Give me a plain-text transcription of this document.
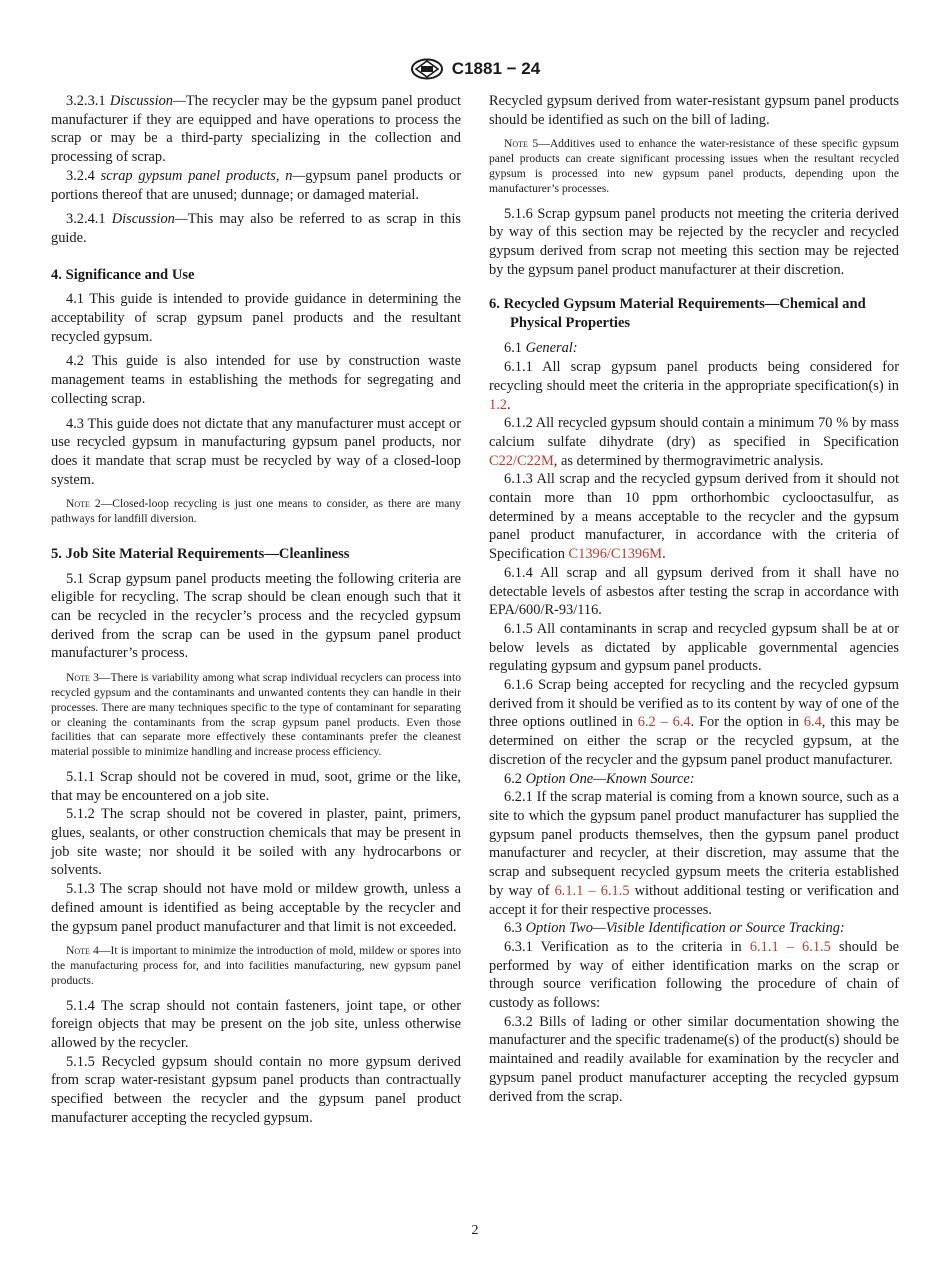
C1881 − 24

3.2.3.1 Discussion—The recycler may be the gypsum panel product manufacturer if they are equipped and have operations to process the scrap or may be a third-party specializing in the collection and processing of scrap.

3.2.4 scrap gypsum panel products, n—gypsum panel products or portions thereof that are unused; dunnage; or damaged material.

3.2.4.1 Discussion—This may also be referred to as scrap in this guide.

4. Significance and Use

4.1 This guide is intended to provide guidance in determining the acceptability of scrap gypsum panel products and the resultant recycled gypsum.

4.2 This guide is also intended for use by construction waste management teams in establishing the methods for segregating and collecting scrap.

4.3 This guide does not dictate that any manufacturer must accept or use recycled gypsum in manufacturing gypsum panel products, nor does it mandate that scrap must be recycled by way of a closed-loop system.

Note 2—Closed-loop recycling is just one means to consider, as there are many pathways for landfill diversion.

5. Job Site Material Requirements—Cleanliness

5.1 Scrap gypsum panel products meeting the following criteria are eligible for recycling. The scrap should be clean enough such that it can be recycled in the recycler’s process and the recycled gypsum derived from the scrap can be used in the gypsum panel product manufacturer’s process.

Note 3—There is variability among what scrap individual recyclers can process into recycled gypsum and the contaminants and unwanted contents they can handle in their processes. There are many techniques specific to the type of contaminant for separating or cleaning the contaminants from the scrap gypsum panel products. Even those facilities that can separate more effectively these contaminants prefer the cleanest material possible to minimize handling and increase process efficiency.

5.1.1 Scrap should not be covered in mud, soot, grime or the like, that may be encountered on a job site.

5.1.2 The scrap should not be covered in plaster, paint, primers, glues, sealants, or other construction chemicals that may be present in job site waste; nor should it be soiled with any hydrocarbons or solvents.

5.1.3 The scrap should not have mold or mildew growth, unless a defined amount is identified as being acceptable by the recycler and the gypsum panel product manufacturer and that limit is not exceeded.

Note 4—It is important to minimize the introduction of mold, mildew or spores into the manufacturing process for, and into facilities manufacturing, new gypsum panel products.

5.1.4 The scrap should not contain fasteners, joint tape, or other foreign objects that may be present on the job site, unless otherwise allowed by the recycler.

5.1.5 Recycled gypsum should contain no more gypsum derived from scrap water-resistant gypsum panel products than contractually specified between the recycler and the gypsum panel product manufacturer accepting the recycled gypsum.

Recycled gypsum derived from water-resistant gypsum panel products should be identified as such on the bill of lading.

Note 5—Additives used to enhance the water-resistance of these specific gypsum panel products can create significant processing issues when the resultant recycled gypsum is processed into new gypsum panel products, depending upon the manufacturer’s processes.

5.1.6 Scrap gypsum panel products not meeting the criteria derived by way of this section may be rejected by the recycler and recycled gypsum derived from scrap not meeting this section may be rejected by the gypsum panel product manufacturer at their discretion.

6. Recycled Gypsum Material Requirements—Chemical and Physical Properties

6.1 General:

6.1.1 All scrap gypsum panel products being considered for recycling should meet the criteria in the appropriate specification(s) in 1.2.

6.1.2 All recycled gypsum should contain a minimum 70 % by mass calcium sulfate dihydrate (dry) as specified in Specification C22/C22M, as determined by thermogravimetric analysis.

6.1.3 All scrap and the recycled gypsum derived from it should not contain more than 10 ppm orthorhombic cyclooctasulfur, as determined by a means acceptable to the recycler and the gypsum panel product manufacturer, in accordance with the criteria of Specification C1396/C1396M.

6.1.4 All scrap and all gypsum derived from it shall have no detectable levels of asbestos after testing the scrap in accordance with EPA/600/R-93/116.

6.1.5 All contaminants in scrap and recycled gypsum shall be at or below levels as dictated by applicable governmental agencies regulating gypsum and gypsum panel products.

6.1.6 Scrap being accepted for recycling and the recycled gypsum derived from it should be verified as to its content by way of one of the three options outlined in 6.2 – 6.4. For the option in 6.4, this may be determined on either the scrap or the recycled gypsum, at the discretion of the recycler and the gypsum panel product manufacturer.

6.2 Option One—Known Source:

6.2.1 If the scrap material is coming from a known source, such as a site to which the gypsum panel product manufacturer has supplied the gypsum panel products themselves, then the gypsum panel product manufacturer and recycler, at their discretion, may assume that the scrap and subsequent recycled gypsum meets the criteria established by way of 6.1.1 – 6.1.5 without additional testing or verification and accept it for their respective processes.

6.3 Option Two—Visible Identification or Source Tracking:

6.3.1 Verification as to the criteria in 6.1.1 – 6.1.5 should be performed by way of either identification marks on the scrap or through source verification following the procedure of chain of custody as follows:

6.3.2 Bills of lading or other similar documentation showing the manufacturer and the specific tradename(s) of the product(s) should be maintained and readily available for examination by the recycler and gypsum panel product manufacturer accepting the recycled gypsum derived from the scrap.

2
